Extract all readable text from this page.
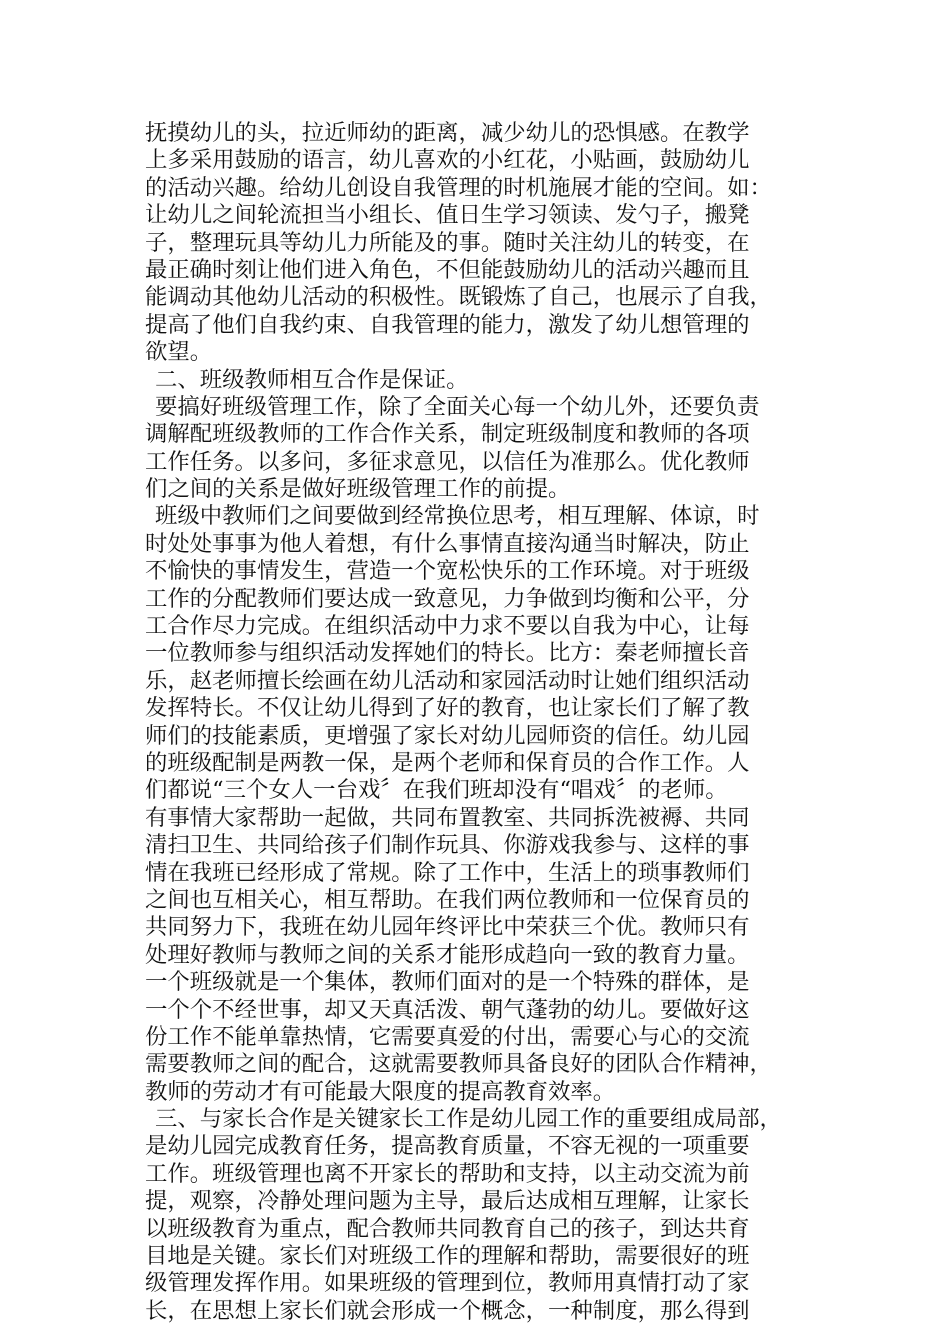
抚摸幼儿的头，拉近师幼的距离，减少幼儿的恐惧感。在教学
上多采用鼓励的语言，幼儿喜欢的小红花，小贴画，鼓励幼儿
的活动兴趣。给幼儿创设自我管理的时机施展才能的空间。如：
让幼儿之间轮流担当小组长、值日生学习领读、发勺子，搬凳
子，整理玩具等幼儿力所能及的事。随时关注幼儿的转变，在
最正确时刻让他们进入角色，不但能鼓励幼儿的活动兴趣而且
能调动其他幼儿活动的积极性。既锻炼了自己，也展示了自我，
提高了他们自我约束、自我管理的能力，激发了幼儿想管理的
欲望。
二、班级教师相互合作是保证。
要搞好班级管理工作，除了全面关心每一个幼儿外，还要负责
调解配班级教师的工作合作关系，制定班级制度和教师的各项
工作任务。以多问，多征求意见，以信任为准那么。优化教师
们之间的关系是做好班级管理工作的前提。
班级中教师们之间要做到经常换位思考，相互理解、体谅，时
时处处事事为他人着想，有什么事情直接沟通当时解决，防止
不愉快的事情发生，营造一个宽松快乐的工作环境。对于班级
工作的分配教师们要达成一致意见，力争做到均衡和公平，分
工合作尽力完成。在组织活动中力求不要以自我为中心，让每
一位教师参与组织活动发挥她们的特长。比方：秦老师擅长音
乐，赵老师擅长绘画在幼儿活动和家园活动时让她们组织活动
发挥特长。不仅让幼儿得到了好的教育，也让家长们了解了教
师们的技能素质，更增强了家长对幼儿园师资的信任。幼儿园
的班级配制是两教一保，是两个老师和保育员的合作工作。人
们都说“三个女人一台戏〞在我们班却没有“唱戏〞的老师。
有事情大家帮助一起做，共同布置教室、共同拆洗被褥、共同
清扫卫生、共同给孩子们制作玩具、你游戏我参与、这样的事
情在我班已经形成了常规。除了工作中，生活上的琐事教师们
之间也互相关心，相互帮助。在我们两位教师和一位保育员的
共同努力下，我班在幼儿园年终评比中荣获三个优。教师只有
处理好教师与教师之间的关系才能形成趋向一致的教育力量。
一个班级就是一个集体，教师们面对的是一个特殊的群体，是
一个个不经世事，却又天真活泼、朝气蓬勃的幼儿。要做好这
份工作不能单靠热情，它需要真爱的付出，需要心与心的交流
需要教师之间的配合，这就需要教师具备良好的团队合作精神，
教师的劳动才有可能最大限度的提高教育效率。
三、与家长合作是关键家长工作是幼儿园工作的重要组成局部，
是幼儿园完成教育任务，提高教育质量，不容无视的一项重要
工作。班级管理也离不开家长的帮助和支持，以主动交流为前
提，观察，冷静处理问题为主导，最后达成相互理解，让家长
以班级教育为重点，配合教师共同教育自己的孩子，到达共育
目地是关键。家长们对班级工作的理解和帮助，需要很好的班
级管理发挥作用。如果班级的管理到位，教师用真情打动了家
长，在思想上家长们就会形成一个概念，一种制度，那么得到
